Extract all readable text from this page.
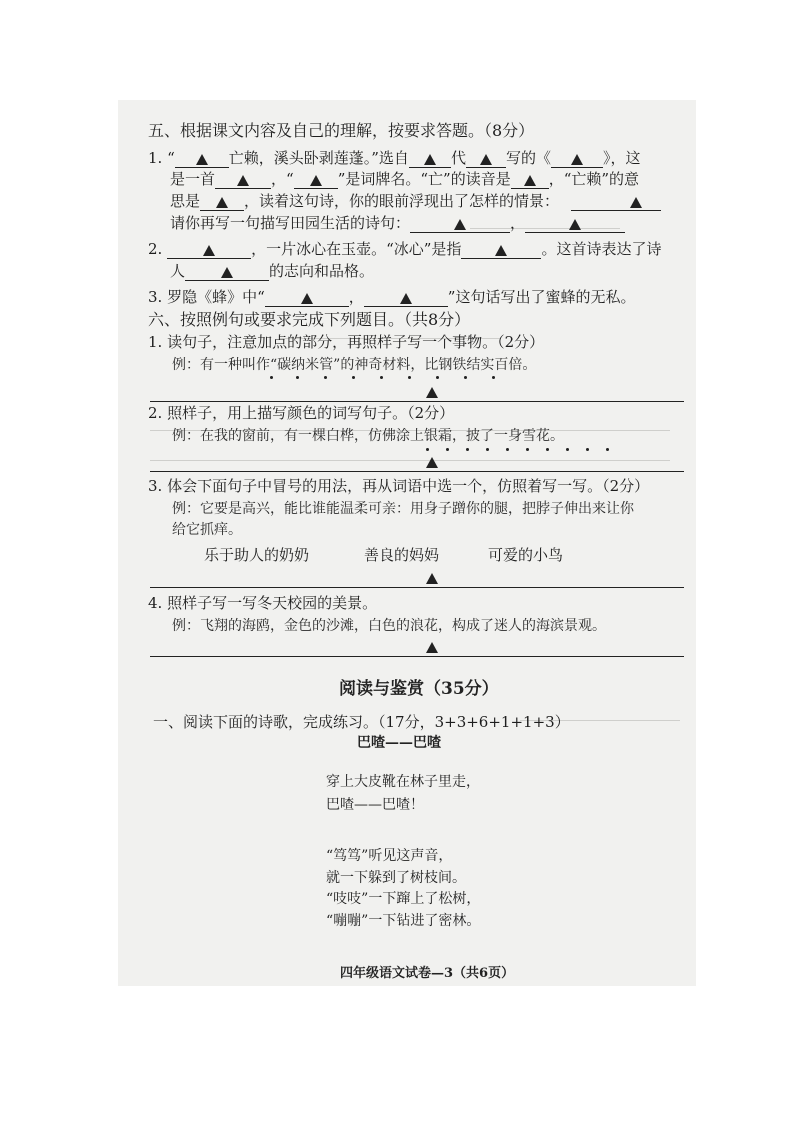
五、根据课文内容及自己的理解，按要求答题。（8分）
1. “	亡赖，溪头卧剥莲蓬。”选自	代	写的《	》，这
是一首	，“	”是词牌名。“亡”的读音是	，“亡赖”的意
思是	，读着这句诗，你的眼前浮现出了怎样的情景：
请你再写一句描写田园生活的诗句：	，
2.	，一片冰心在玉壶。“冰心”是指	。这首诗表达了诗
人	的志向和品格。
3. 罗隐《蜂》中“	，	”这句话写出了蜜蜂的无私。
六、按照例句或要求完成下列题目。（共8分）
1. 读句子，注意加点的部分，再照样子写一个事物。（2分）
例：有一种叫作“碳纳米管”的神奇材料，比钢铁结实百倍。
2. 照样子，用上描写颜色的词写句子。（2分）
例：在我的窗前，有一棵白桦，仿佛涂上银霜，披了一身雪花。
3. 体会下面句子中冒号的用法，再从词语中选一个，仿照着写一写。（2分）
例：它要是高兴，能比谁能温柔可亲：用身子蹭你的腿，把脖子伸出来让你
给它抓痒。
乐于助人的奶奶	善良的妈妈	可爱的小鸟
4. 照样子写一写冬天校园的美景。
例：飞翔的海鸥，金色的沙滩，白色的浪花，构成了迷人的海滨景观。
阅读与鉴赏（35分）
一、阅读下面的诗歌，完成练习。（17分，3+3+6+1+1+3）
巴喳——巴喳
穿上大皮靴在林子里走，
巴喳——巴喳！
“笃笃”听见这声音，
就一下躲到了树枝间。
“吱吱”一下蹿上了松树，
“嘣嘣”一下钻进了密林。
四年级语文试卷—3（共6页）
